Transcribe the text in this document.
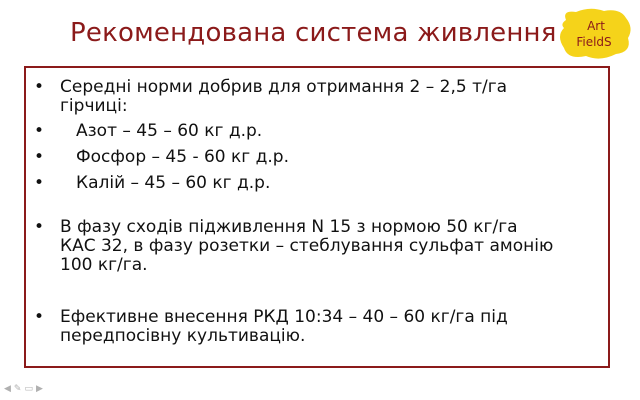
Рекомендована система живлення	Art
FieldS
• Середні норми добрив для отримання 2 – 2,5 т/га
гірчиці:
• Азот – 45 – 60 кг д.р.
• Фосфор – 45 - 60 кг д.р.
• Калій – 45 – 60 кг д.р.
• В фазу сходів підживлення N 15 з нормою 50 кг/га
КАС 32, в фазу розетки – стеблування сульфат амонію
100 кг/га.
• Ефективне внесення РКД 10:34 – 40 – 60 кг/га під
передпосівну культивацію.
◀✎▭▶
